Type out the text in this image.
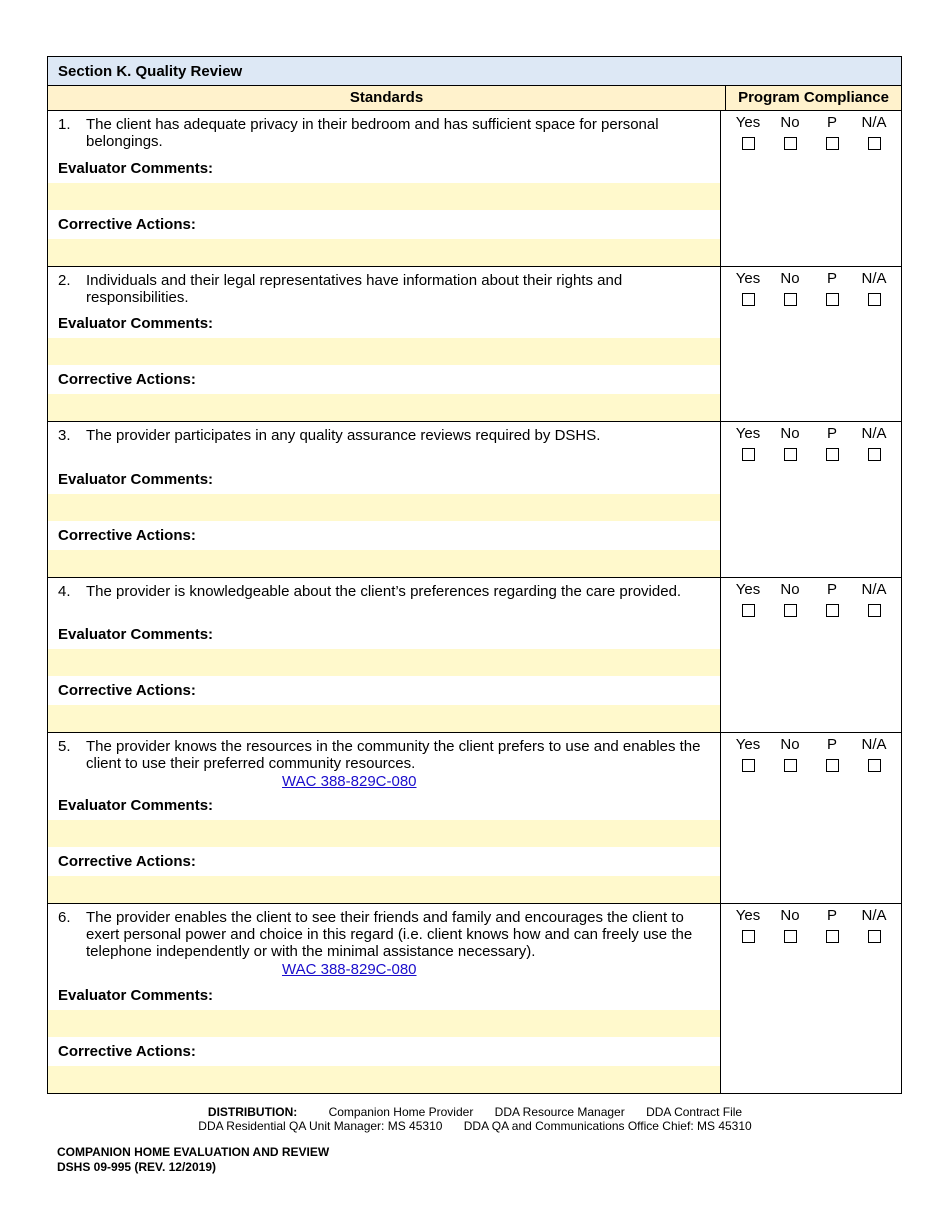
Section K. Quality Review
Standards	Program Compliance
1.	The client has adequate privacy in their bedroom and has sufficient space for personal belongings.
Evaluator Comments:
Corrective Actions:
Yes	No	P	N/A
2.	Individuals and their legal representatives have information about their rights and responsibilities.
Evaluator Comments:
Corrective Actions:
Yes	No	P	N/A
3.	The provider participates in any quality assurance reviews required by DSHS.
Evaluator Comments:
Corrective Actions:
Yes	No	P	N/A
4.	The provider is knowledgeable about the client’s preferences regarding the care provided.
Evaluator Comments:
Corrective Actions:
Yes	No	P	N/A
5.	The provider knows the resources in the community the client prefers to use and enables the client to use their preferred community resources.
WAC 388-829C-080
Evaluator Comments:
Corrective Actions:
Yes	No	P	N/A
6.	The provider enables the client to see their friends and family and encourages the client to exert personal power and choice in this regard (i.e. client knows how and can freely use the telephone independently or with the minimal assistance necessary).
WAC 388-829C-080
Evaluator Comments:
Corrective Actions:
Yes	No	P	N/A
DISTRIBUTION:	Companion Home Provider DDA Resource Manager DDA Contract File
DDA Residential QA Unit Manager: MS 45310 DDA QA and Communications Office Chief: MS 45310
COMPANION HOME EVALUATION AND REVIEW
DSHS 09-995 (REV. 12/2019)
